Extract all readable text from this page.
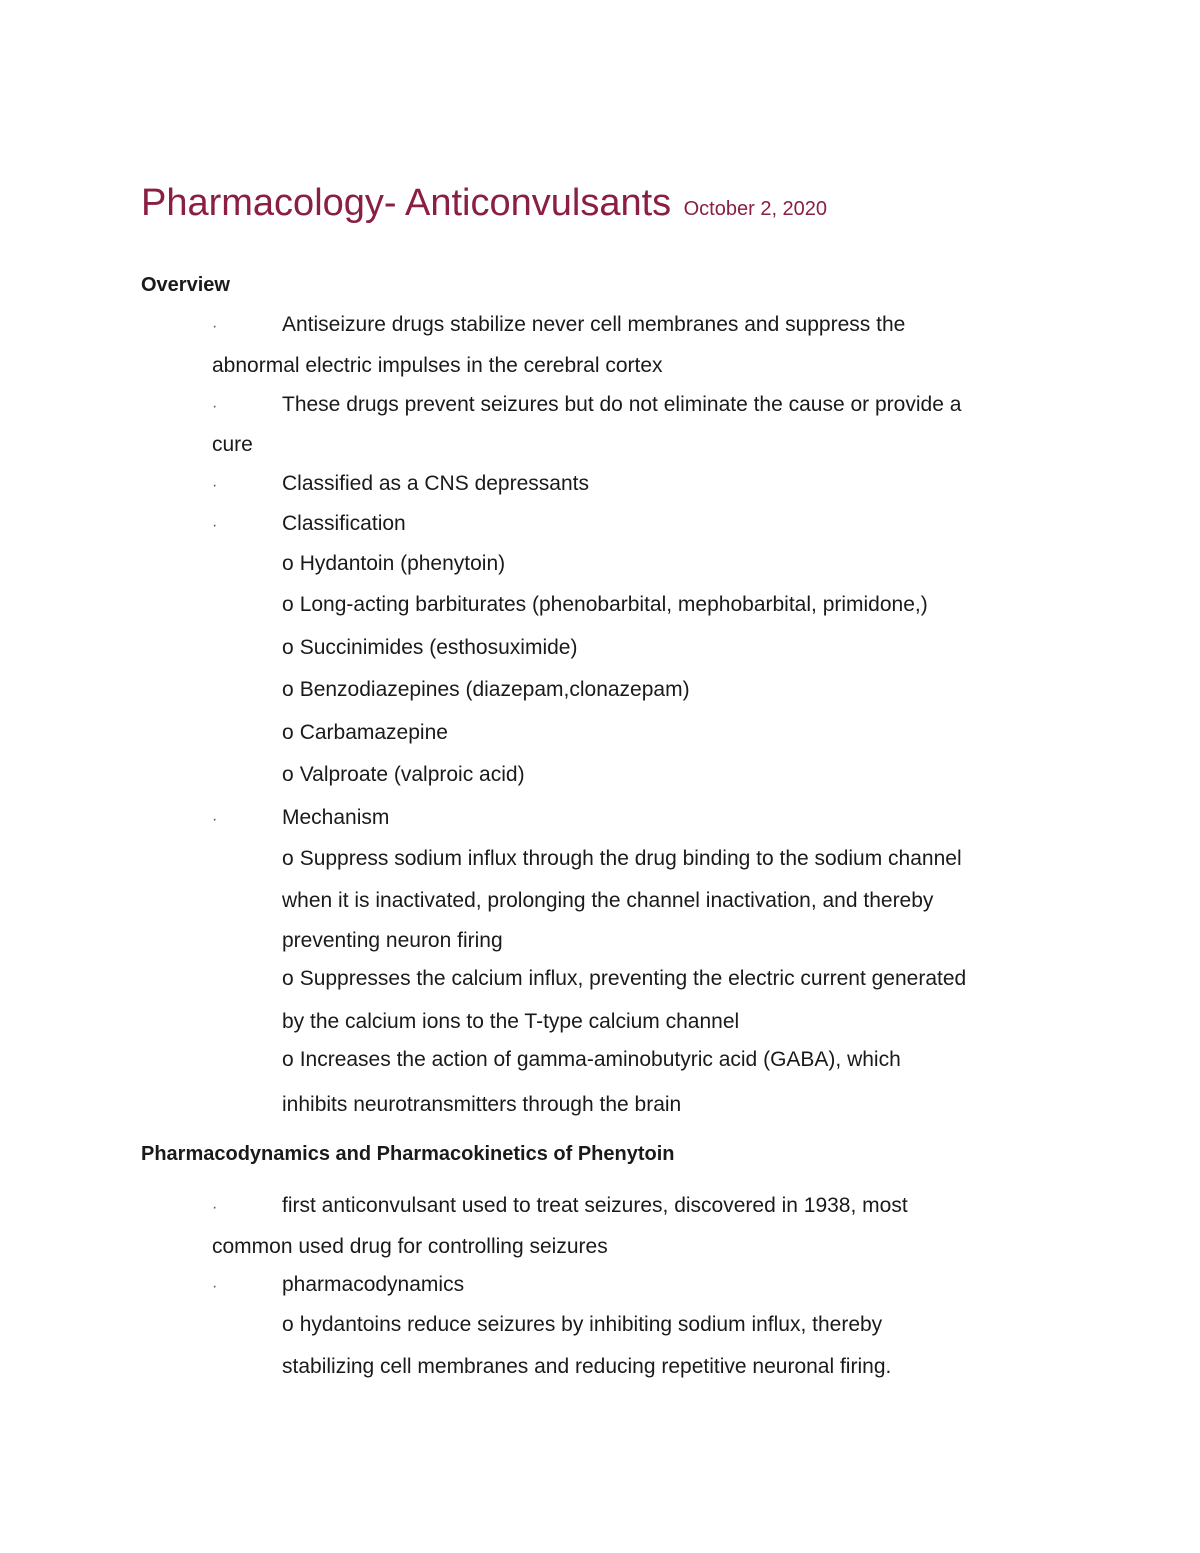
Pharmacology- Anticonvulsants October 2, 2020
Overview
·	Antiseizure drugs stabilize never cell membranes and suppress the
abnormal electric impulses in the cerebral cortex
·	These drugs prevent seizures but do not eliminate the cause or provide a
cure
·	Classified as a CNS depressants
·	Classification
o Hydantoin (phenytoin)
o Long-acting barbiturates (phenobarbital, mephobarbital, primidone,)
o Succinimides (esthosuximide)
o Benzodiazepines (diazepam,clonazepam)
o Carbamazepine
o Valproate (valproic acid)
·	Mechanism
o Suppress sodium influx through the drug binding to the sodium channel
when it is inactivated, prolonging the channel inactivation, and thereby
preventing neuron firing
o Suppresses the calcium influx, preventing the electric current generated
by the calcium ions to the T-type calcium channel
o Increases the action of gamma-aminobutyric acid (GABA), which
inhibits neurotransmitters through the brain
Pharmacodynamics and Pharmacokinetics of Phenytoin
·	first anticonvulsant used to treat seizures, discovered in 1938, most
common used drug for controlling seizures
·	pharmacodynamics
o hydantoins reduce seizures by inhibiting sodium influx, thereby
stabilizing cell membranes and reducing repetitive neuronal firing.
